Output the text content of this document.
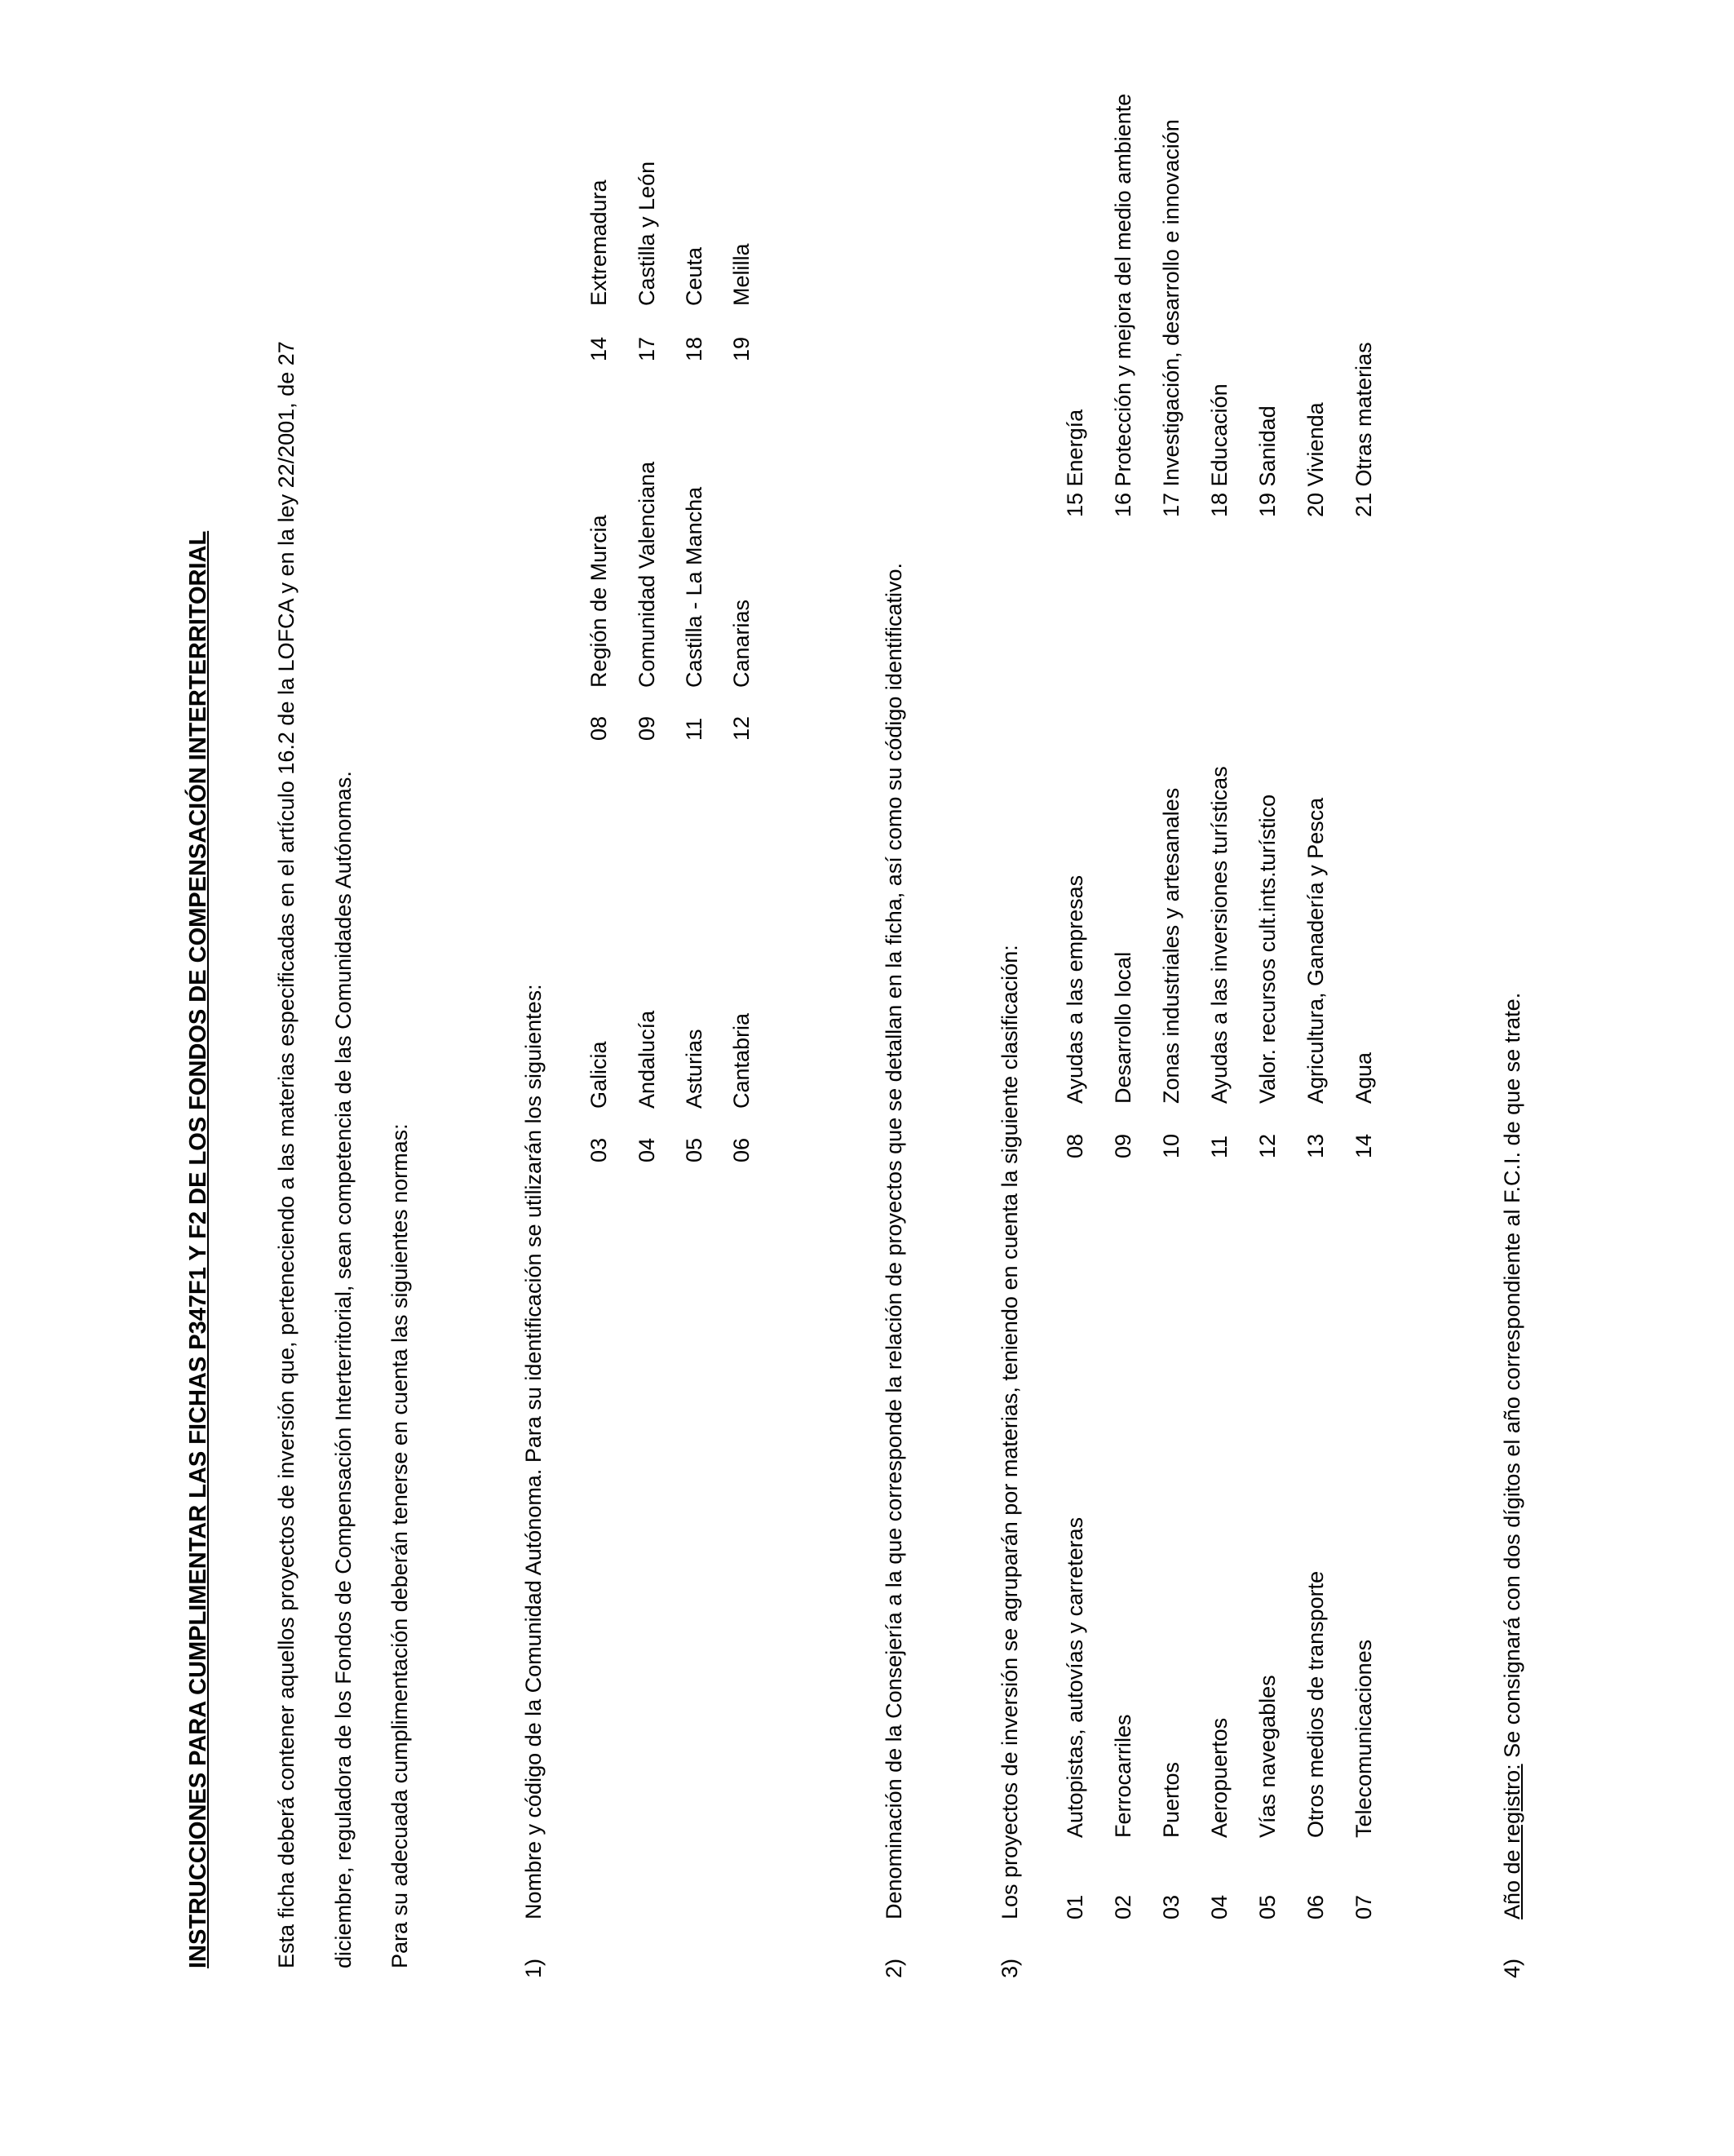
INSTRUCCIONES PARA CUMPLIMENTAR LAS FICHAS P347F1 Y F2 DE LOS FONDOS DE COMPENSACIÓN INTERTERRITORIAL	Esta ficha deberá contener aquellos proyectos de inversión que, perteneciendo a las materias especificadas en el artículo 16.2 de la LOFCA y en la ley 22/2001, de 27 diciembre, reguladora de los Fondos de Compensación Interterritorial, sean competencia de las Comunidades Autónomas. Para su adecuada cumplimentación deberán tenerse en cuenta las siguientes normas:	1)
Nombre y código de la Comunidad Autónoma. Para su identificación se utilizarán los siguientes: 03
Galicia
04
Andalucía
05
Asturias
06
Cantabria
2)
Denominación de la Consejería a la que corresponde la relación de proyectos que se detallan en la ficha, así como su código identificativo.
3)
Los proyectos de inversión se agruparán por materias, teniendo en cuenta la siguiente clasificación:
4)
Año de registro: Se consignará con dos dígitos el año correspondiente al F.C.I. de que se trate.
08
Región de Murcia
14
Extremadura
09
Comunidad Valenciana
17
Castilla y León
11
Castilla - La Mancha
18
Ceuta
12
Canarias
19
Melilla
01
Autopistas, autovías y carreteras
08
Ayudas a las empresas
15 Energía
02
Ferrocarriles
09
Desarrollo local
16 Protección y mejora del medio ambiente
03
Puertos
10
Zonas industriales y artesanales
17 Investigación, desarrollo e innovación
04
Aeropuertos
11
Ayudas a las inversiones turísticas
18 Educación
05
Vías navegables
12
Valor. recursos cult.ints.turístico
19 Sanidad
06
Otros medios de transporte
13
Agricultura, Ganadería y Pesca
20 Vivienda
07
Telecomunicaciones
14
Agua
21 Otras materias
